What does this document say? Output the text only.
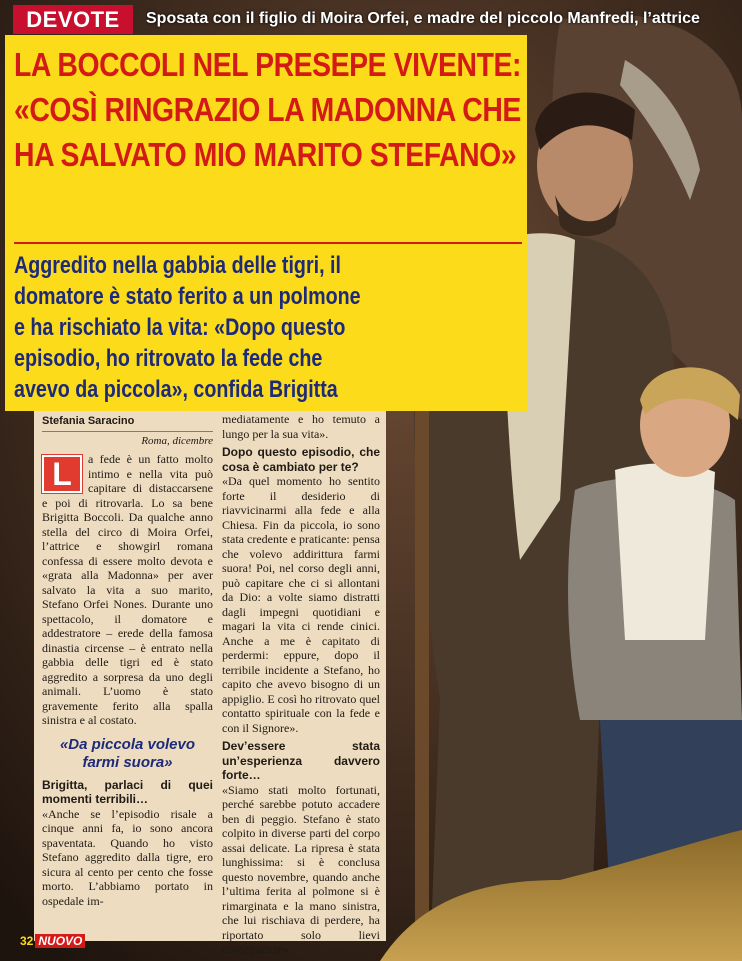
DEVOTE	Sposata con il figlio di Moira Orfei, e madre del piccolo Manfredi, l’attrice
LA BOCCOLI NEL PRESEPE VIVENTE:
«COSÌ RINGRAZIO LA MADONNA CHE
HA SALVATO MIO MARITO STEFANO»
Aggredito nella gabbia delle tigri, il
domatore è stato ferito a un polmone
e ha rischiato la vita: «Dopo questo
episodio, ho ritrovato la fede che
avevo da piccola», confida Brigitta
Stefania Saracino
Roma, dicembre
L	a fede è un fatto molto intimo e nella vita può capitare di distaccarsene e poi di ritrovarla. Lo sa bene Brigitta Boccoli. Da qualche anno stella del circo di Moira Orfei, l’attrice e showgirl romana confessa di essere molto devota e «grata alla Madonna» per aver salvato la vita a suo marito, Stefano Orfei Nones. Durante uno spettacolo, il domatore e addestratore – erede della famosa dinastia circense – è entrato nella gabbia delle tigri ed è stato aggredito a sorpresa da uno degli animali. L’uomo è stato gravemente ferito alla spalla sinistra e al costato.

«Da piccola volevo farmi suora»

Brigitta, parlaci di quei momenti terribili…

«Anche se l’episodio risale a cinque anni fa, io sono ancora spaventata. Quando ho visto Stefano aggredito dalla tigre, ero sicura al cento per cento che fosse morto. L’abbiamo portato in ospedale im-

mediatamente e ho temuto a lungo per la sua vita».

Dopo questo episodio, che cosa è cambiato per te?

«Da quel momento ho sentito forte il desiderio di riavvicinarmi alla fede e alla Chiesa. Fin da piccola, io sono stata credente e praticante: pensa che volevo addirittura farmi suora! Poi, nel corso degli anni, può capitare che ci si allontani da Dio: a volte siamo distratti dagli impegni quotidiani e magari la vita ci rende cinici. Anche a me è capitato di perdermi: eppure, dopo il terribile incidente a Stefano, ho capito che avevo bisogno di un appiglio. E così ho ritrovato quel contatto spirituale con la fede e con il Signore».

Dev’essere stata un’esperienza davvero forte…

«Siamo stati molto fortunati, perché sarebbe potuto accadere ben di peggio. Stefano è stato colpito in diverse parti del corpo assai delicate. La ripresa è stata lunghissima: si è conclusa questo novembre, quando anche l’ultima ferita al polmone si è rimarginata e la mano sinistra, che lui rischiava di perdere, ha riportato solo lievi conseguenze».

32 NUOVO
